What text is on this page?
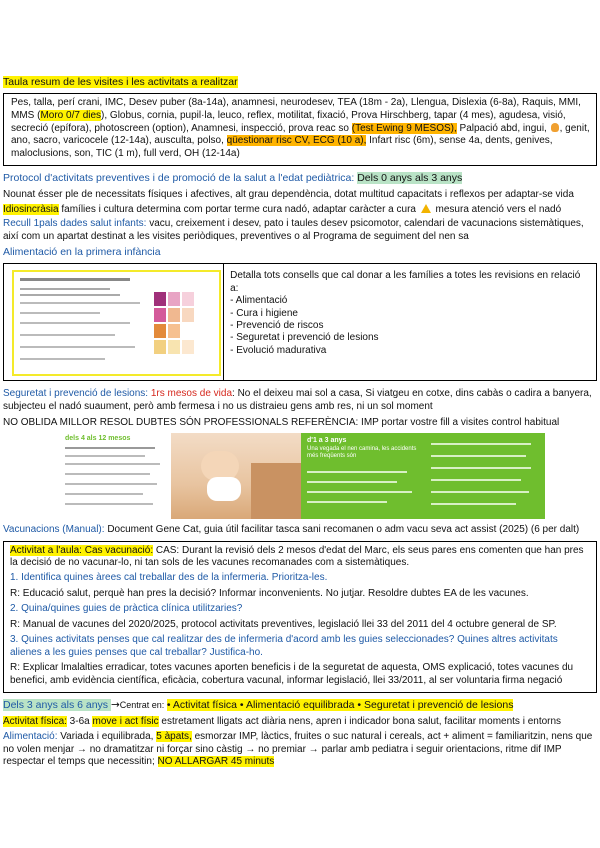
Taula resum de les visites i les activitats a realitzar

Pes, talla, perí crani, IMC, Desev puber (8a-14a), anamnesi, neurodesev, TEA (18m - 2a), Llengua, Dislexia (6-8a), Raquis, MMI, MMS (Moro 0/7 dies), Globus, cornia, pupil·la, leuco, reflex, motilitat, fixació, Prova Hirschberg, tapar (4 mes), agudesa, visió, secreció (epífora), photoscreen (option), Anamnesi, inspecció, prova reac so (Test Ewing 9 MESOS), Palpació abd, ingui, , genit, ano, sacro, varicocele (12-14a), ausculta, polso, qüestionar risc CV, ECG (10 a), Infart risc (6m), sense 4a, dents, genives, maloclusions, son, TIC (1 m), full verd, OH (12-14a)

Protocol d'activitats preventives i de promoció de la salut a l'edat pediàtrica: Dels 0 anys als 3 anys

Nounat ésser ple de necessitats físiques i afectives, alt grau dependència, dotat multitud capacitats i reflexos per adaptar-se vida

Idiosincràsia famílies i cultura determina com portar terme cura nadó, adaptar caràcter a cura  mesura atenció vers el nadó

Recull 1pals dades salut infants: vacu, creixement i desev, pato i taules desev psicomotor, calendari de vacunacions sistemàtiques, així com un apartat destinat a les visites periòdiques, preventives o al Programa de seguiment del nen sa

Alimentació en la primera infància

Detalla tots consells que cal donar a les famílies a totes les revisions en relació a:

- Alimentació

- Cura i higiene

- Prevenció de riscos

- Seguretat i prevenció de lesions

- Evolució madurativa

Seguretat i prevenció de lesions: 1rs mesos de vida: No el deixeu mai sol a casa, Si viatgeu en cotxe, dins cabàs o cadira a banyera, subjecteu el nadó suaument, però amb fermesa i no us distraieu gens amb res, ni un sol moment

NO OBLIDA MILLOR RESOL DUBTES SÓN PROFESSIONALS REFERÈNCIA: IMP portar vostre fill a visites control habitual

dels 4 als 12 mesos	d'1 a 3 anys
Una vegada el nen camina, les accidents més freqüents són

Vacunacions (Manual): Document Gene Cat, guia útil facilitar tasca sani recomanen o adm vacu seva act assist (2025) (6 per dalt)

Activitat a l'aula: Cas vacunació: CAS: Durant la revisió dels 2 mesos d'edat del Marc, els seus pares ens comenten que han pres la decisió de no vacunar-lo, ni tan sols de les vacunes recomanades com a sistemàtiques.

1. Identifica quines àrees cal treballar des de la infermeria. Prioritza-les.

R: Educació salut, perquè han pres la decisió? Informar inconvenients. No jutjar. Resoldre dubtes EA de les vacunes.

2. Quina/quines guies de pràctica clínica utilitzaries?

R: Manual de vacunes del 2020/2025, protocol activitats preventives, legislació llei 33 del 2011 del 4 octubre general de SP.

3. Quines activitats penses que cal realitzar des de infermeria d'acord amb les guies seleccionades? Quines altres activitats alienes a les guies penses que cal treballar? Justifica-ho.

R: Explicar lmalalties erradicar, totes vacunes aporten beneficis i de la seguretat de aquesta, OMS explicació, totes vacunes du benefici, amb evidència científica, eficàcia, cobertura vacunal, informar legislació, llei 33/2011, al ser voluntaria firma negació

Dels 3 anys als 6 anys →Centrat en: • Activitat física • Alimentació equilibrada • Seguretat i prevenció de lesions

Activitat física: 3-6a move i act físic estretament lligats act diària nens, apren i indicador bona salut, facilitar moments i entorns

Alimentació: Variada i equilibrada, 5 àpats, esmorzar IMP, làctics, fruites o suc natural i cereals, act + aliment = familiaritzin, nens que no volen menjar → no dramatitzar ni forçar sino càstig → no premiar → parlar amb pediatra i seguir orientacions, ritme dif IMP respectar el temps que necessitin; NO ALLARGAR 45 minuts
